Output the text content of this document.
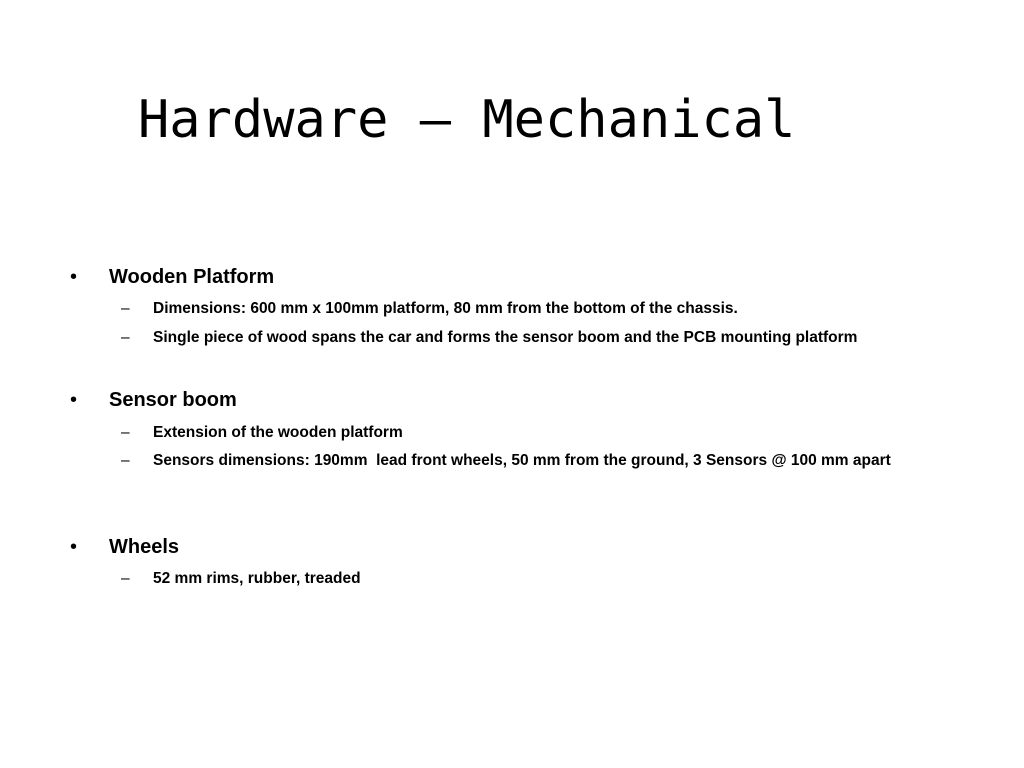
Hardware – Mechanical
• Wooden Platform
– Dimensions: 600 mm x 100mm platform, 80 mm from the bottom of the chassis.
– Single piece of wood spans the car and forms the sensor boom and the PCB mounting platform
• Sensor boom
– Extension of the wooden platform
– Sensors dimensions: 190mm  lead front wheels, 50 mm from the ground, 3 Sensors @ 100 mm apart
• Wheels
– 52 mm rims, rubber, treaded
